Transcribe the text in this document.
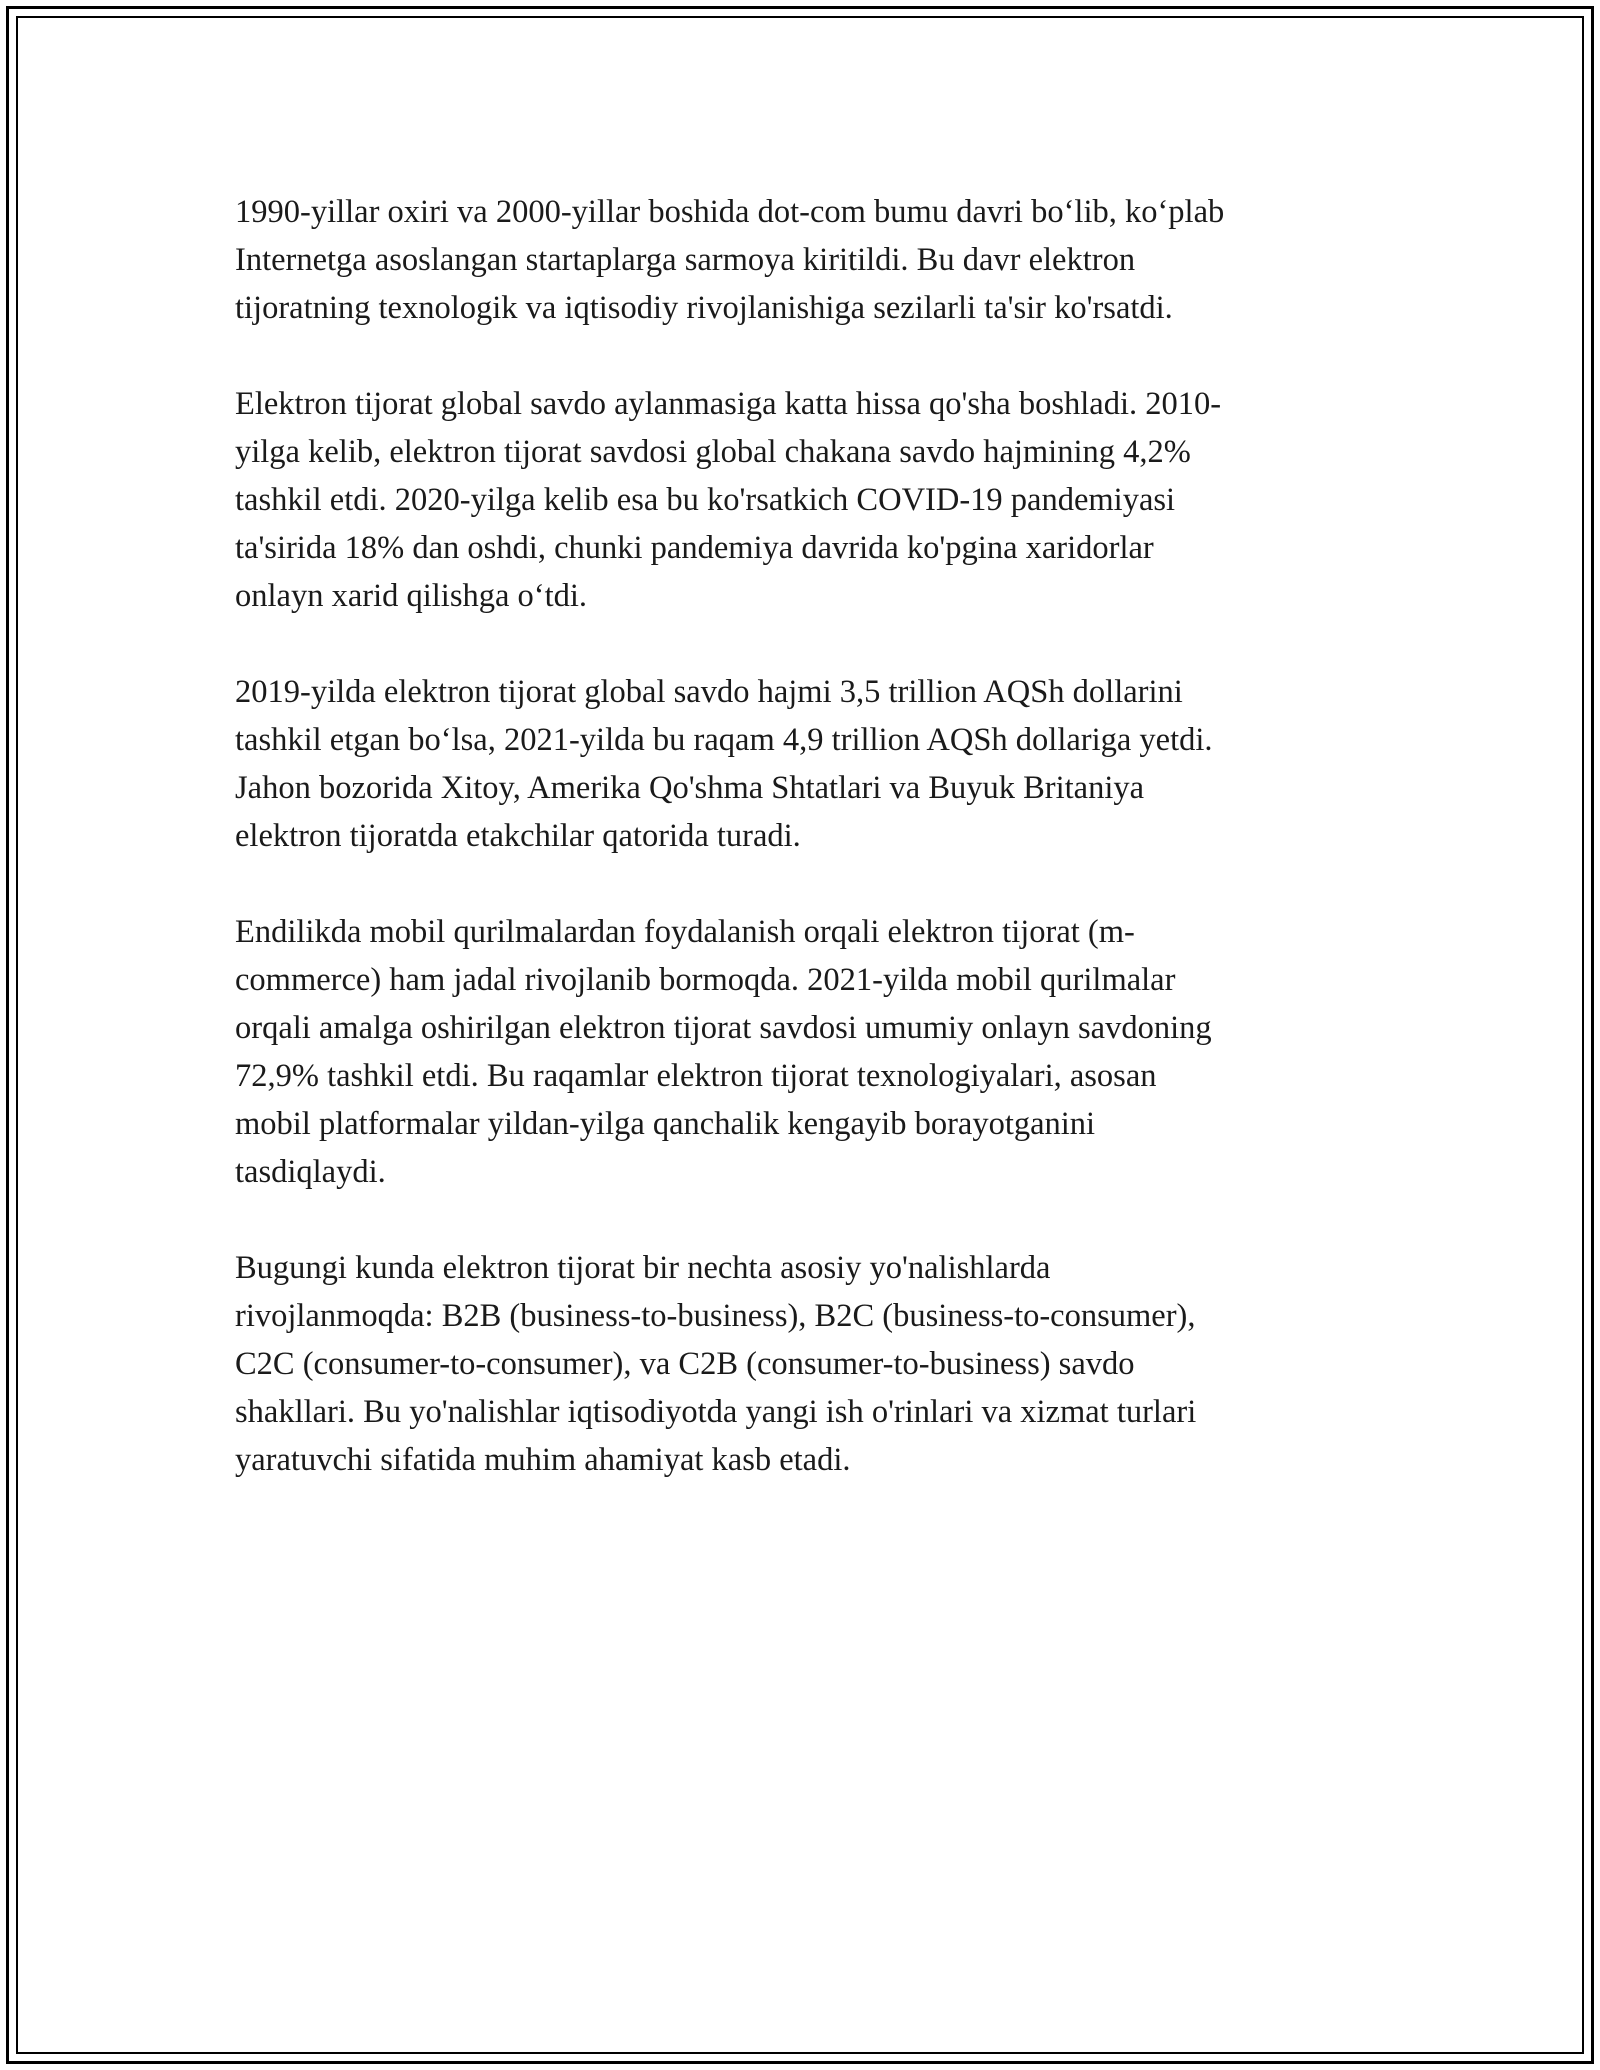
1990-yillar oxiri va 2000-yillar boshida dot-com bumu davri bo‘lib, ko‘plab
Internetga asoslangan startaplarga sarmoya kiritildi. Bu davr elektron
tijoratning texnologik va iqtisodiy rivojlanishiga sezilarli ta'sir ko'rsatdi.

Elektron tijorat global savdo aylanmasiga katta hissa qo'sha boshladi. 2010-
yilga kelib, elektron tijorat savdosi global chakana savdo hajmining 4,2%
tashkil etdi. 2020-yilga kelib esa bu ko'rsatkich COVID-19 pandemiyasi
ta'sirida 18% dan oshdi, chunki pandemiya davrida ko'pgina xaridorlar
onlayn xarid qilishga o‘tdi.

2019-yilda elektron tijorat global savdo hajmi 3,5 trillion AQSh dollarini
tashkil etgan bo‘lsa, 2021-yilda bu raqam 4,9 trillion AQSh dollariga yetdi.
Jahon bozorida Xitoy, Amerika Qo'shma Shtatlari va Buyuk Britaniya
elektron tijoratda etakchilar qatorida turadi.

Endilikda mobil qurilmalardan foydalanish orqali elektron tijorat (m-
commerce) ham jadal rivojlanib bormoqda. 2021-yilda mobil qurilmalar
orqali amalga oshirilgan elektron tijorat savdosi umumiy onlayn savdoning
72,9% tashkil etdi. Bu raqamlar elektron tijorat texnologiyalari, asosan
mobil platformalar yildan-yilga qanchalik kengayib borayotganini
tasdiqlaydi.

Bugungi kunda elektron tijorat bir nechta asosiy yo'nalishlarda
rivojlanmoqda: B2B (business-to-business), B2C (business-to-consumer),
C2C (consumer-to-consumer), va C2B (consumer-to-business) savdo
shakllari. Bu yo'nalishlar iqtisodiyotda yangi ish o'rinlari va xizmat turlari
yaratuvchi sifatida muhim ahamiyat kasb etadi.
